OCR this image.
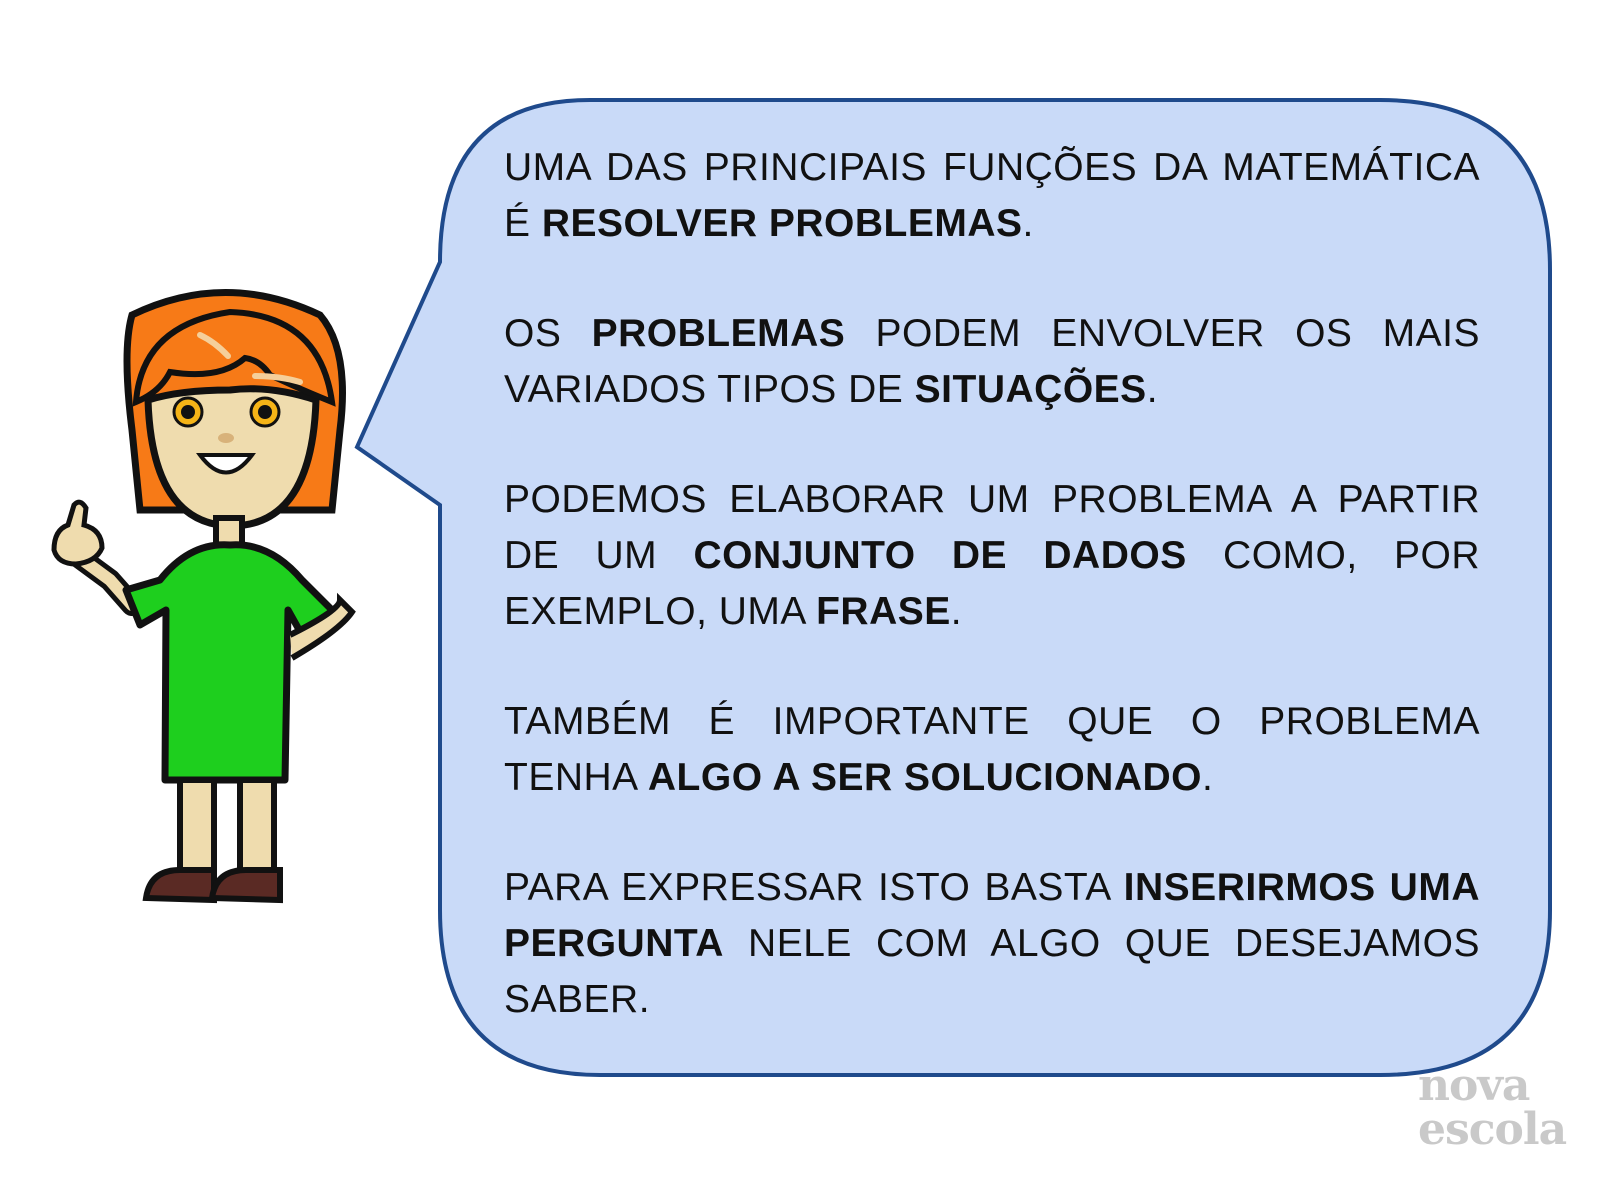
UMA DAS PRINCIPAIS FUNÇÕES DA MATEMÁTICA É RESOLVER PROBLEMAS.

OS PROBLEMAS PODEM ENVOLVER OS MAIS VARIADOS TIPOS DE SITUAÇÕES.

PODEMOS ELABORAR UM PROBLEMA A PARTIR DE UM CONJUNTO DE DADOS COMO, POR EXEMPLO, UMA FRASE.

TAMBÉM É IMPORTANTE QUE O PROBLEMA TENHA ALGO A SER SOLUCIONADO.

PARA EXPRESSAR ISTO BASTA INSERIRMOS UMA PERGUNTA NELE COM ALGO QUE DESEJAMOS SABER.

nova
escola
